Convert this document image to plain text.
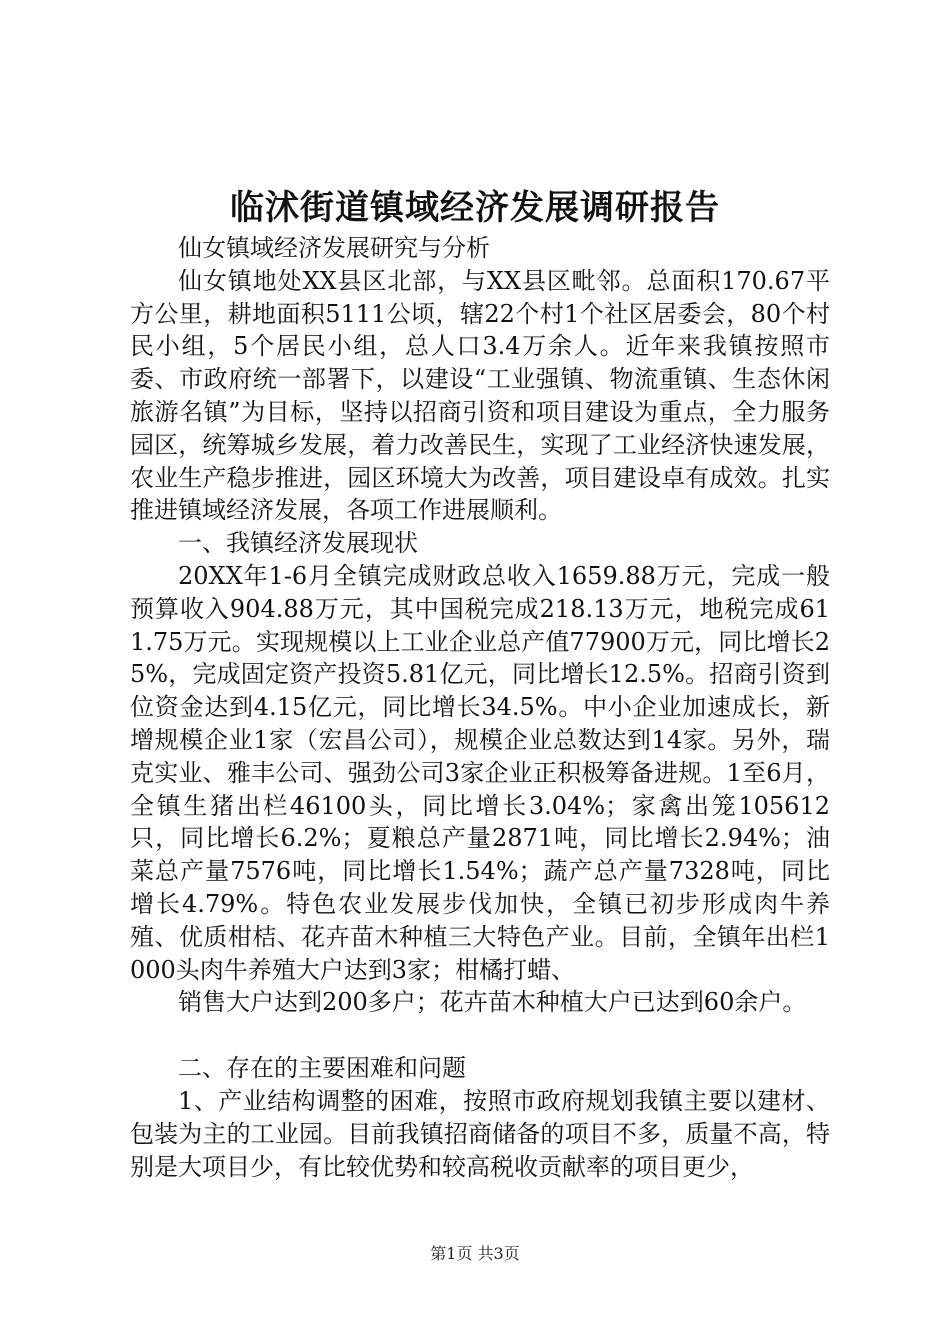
临沭街道镇域经济发展调研报告

仙女镇域经济发展研究与分析

仙女镇地处XX县区北部，与XX县区毗邻。总面积170.67平方公里，耕地面积5111公顷，辖22个村1个社区居委会，80个村民小组，5个居民小组，总人口3.4万余人。近年来我镇按照市委、市政府统一部署下，以建设“工业强镇、物流重镇、生态休闲旅游名镇”为目标，坚持以招商引资和项目建设为重点，全力服务园区，统筹城乡发展，着力改善民生，实现了工业经济快速发展，农业生产稳步推进，园区环境大为改善，项目建设卓有成效。扎实推进镇域经济发展，各项工作进展顺利。

一、我镇经济发展现状

20XX年1-6月全镇完成财政总收入1659.88万元，完成一般预算收入904.88万元，其中国税完成218.13万元，地税完成611.75万元。实现规模以上工业企业总产值77900万元，同比增长25%，完成固定资产投资5.81亿元，同比增长12.5%。招商引资到位资金达到4.15亿元，同比增长34.5%。中小企业加速成长，新增规模企业1家（宏昌公司），规模企业总数达到14家。另外，瑞克实业、雅丰公司、强劲公司3家企业正积极筹备进规。1至6月，全镇生猪出栏46100头，同比增长3.04%；家禽出笼105612只，同比增长6.2%；夏粮总产量2871吨，同比增长2.94%；油菜总产量7576吨，同比增长1.54%；蔬产总产量7328吨，同比增长4.79%。特色农业发展步伐加快，全镇已初步形成肉牛养殖、优质柑桔、花卉苗木种植三大特色产业。目前，全镇年出栏1000头肉牛养殖大户达到3家；柑橘打蜡、

销售大户达到200多户；花卉苗木种植大户已达到60余户。

二、存在的主要困难和问题

1、产业结构调整的困难，按照市政府规划我镇主要以建材、包装为主的工业园。目前我镇招商储备的项目不多，质量不高，特别是大项目少，有比较优势和较高税收贡献率的项目更少，

第1页 共3页
